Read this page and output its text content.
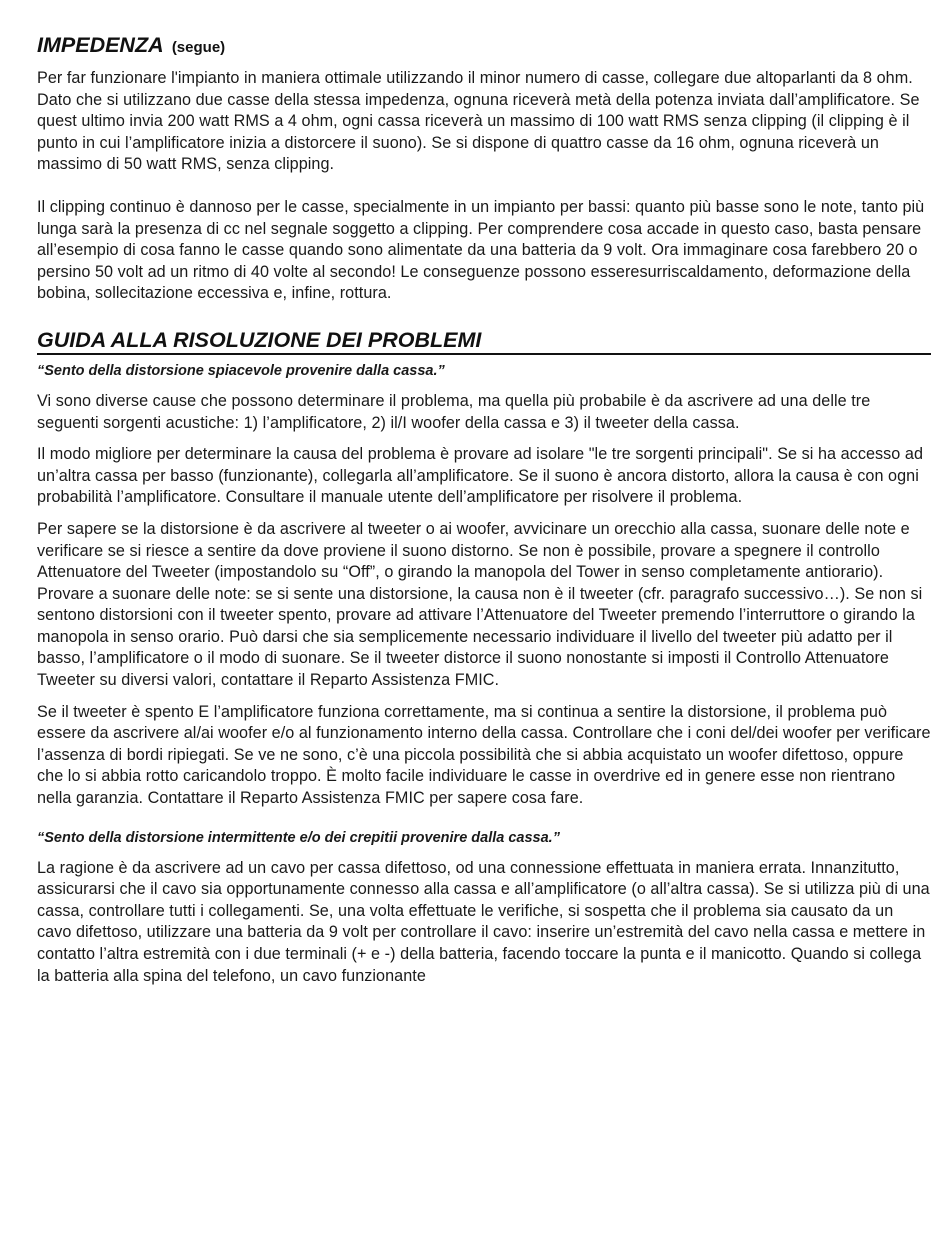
IMPEDENZA (segue)

Per far funzionare l'impianto in maniera ottimale utilizzando il minor numero di casse, collegare due altoparlanti da 8 ohm. Dato che si utilizzano due casse della stessa impedenza, ognuna riceverà metà della potenza inviata dall’amplificatore. Se quest ultimo invia 200 watt RMS a 4 ohm, ogni cassa riceverà un massimo di 100 watt RMS senza clipping (il clipping è il punto in cui l’amplificatore inizia a distorcere il suono). Se si dispone di quattro casse da 16 ohm, ognuna riceverà un massimo di 50 watt RMS, senza clipping.

Il clipping continuo è dannoso per le casse, specialmente in un impianto per bassi: quanto più basse sono le note, tanto più lunga sarà la presenza di cc nel segnale soggetto a clipping. Per comprendere cosa accade in questo caso, basta pensare all’esempio di cosa fanno le casse quando sono alimentate da una batteria da 9 volt. Ora immaginare cosa farebbero 20 o persino 50 volt ad un ritmo di 40 volte al secondo! Le conseguenze possono esseresurriscaldamento, deformazione della bobina, sollecitazione eccessiva e, infine, rottura.

GUIDA ALLA RISOLUZIONE DEI PROBLEMI

“Sento della distorsione spiacevole provenire dalla cassa.”

Vi sono diverse cause che possono determinare il problema, ma quella più probabile è da ascrivere ad una delle tre seguenti sorgenti acustiche: 1) l’amplificatore, 2) il/I woofer della cassa e 3) il tweeter della cassa.

Il modo migliore per determinare la causa del problema è provare ad isolare "le tre sorgenti principali". Se si ha accesso ad un’altra cassa per basso (funzionante), collegarla all’amplificatore. Se il suono è ancora distorto, allora la causa è con ogni probabilità l’amplificatore. Consultare il manuale utente dell’amplificatore per risolvere il problema.

Per sapere se la distorsione è da ascrivere al tweeter o ai woofer, avvicinare un orecchio alla cassa, suonare delle note e verificare se si riesce a sentire da dove proviene il suono distorno. Se non è possibile, provare a spegnere il controllo Attenuatore del Tweeter (impostandolo su “Off”, o girando la manopola del Tower in senso completamente antiorario). Provare a suonare delle note: se si sente una distorsione, la causa non è il tweeter (cfr. paragrafo successivo…). Se non si sentono distorsioni con il tweeter spento, provare ad attivare l’Attenuatore del Tweeter premendo l’interruttore o girando la manopola in senso orario. Può darsi che sia semplicemente necessario individuare il livello del tweeter più adatto per il basso, l’amplificatore o il modo di suonare. Se il tweeter distorce il suono nonostante si imposti il Controllo Attenuatore Tweeter su diversi valori, contattare il Reparto Assistenza FMIC.

Se il tweeter è spento E l’amplificatore funziona correttamente, ma si continua a sentire la distorsione, il problema può essere da ascrivere al/ai woofer e/o al funzionamento interno della cassa. Controllare che i coni del/dei woofer per verificare l’assenza di bordi ripiegati. Se ve ne sono, c’è una piccola possibilità che si abbia acquistato un woofer difettoso, oppure che lo si abbia rotto caricandolo troppo. È molto facile individuare le casse in overdrive ed in genere esse non rientrano nella garanzia. Contattare il Reparto Assistenza FMIC per sapere cosa fare.

“Sento della distorsione intermittente e/o dei crepitii provenire dalla cassa.”

La ragione è da ascrivere ad un cavo per cassa difettoso, od una connessione effettuata in maniera errata. Innanzitutto, assicurarsi che il cavo sia opportunamente connesso alla cassa e all’amplificatore (o all’altra cassa). Se si utilizza più di una cassa, controllare tutti i collegamenti. Se, una volta effettuate le verifiche, si sospetta che il problema sia causato da un cavo difettoso, utilizzare una batteria da 9 volt per controllare il cavo: inserire un’estremità del cavo nella cassa e mettere in contatto l’altra estremità con i due terminali (+ e -) della batteria, facendo toccare la punta e il manicotto. Quando si collega la batteria alla spina del telefono, un cavo funzionante
